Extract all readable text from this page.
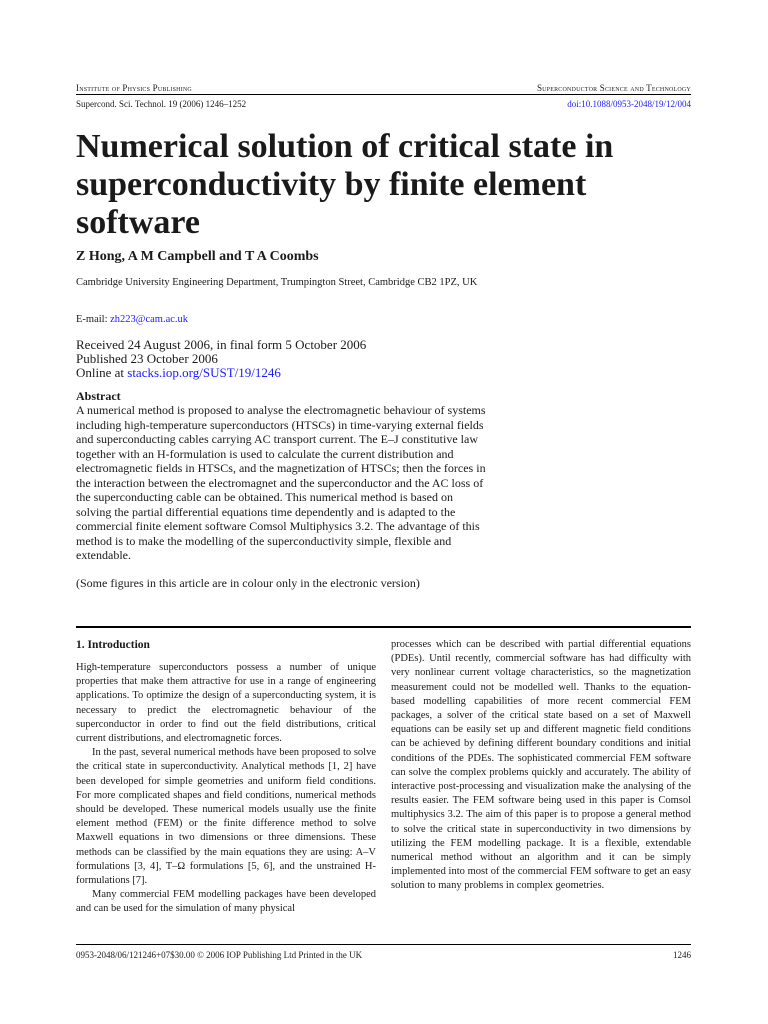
Institute of Physics Publishing	Superconductor Science and Technology
Supercond. Sci. Technol. 19 (2006) 1246–1252	doi:10.1088/0953-2048/19/12/004
Numerical solution of critical state in superconductivity by finite element software
Z Hong, A M Campbell and T A Coombs
Cambridge University Engineering Department, Trumpington Street, Cambridge CB2 1PZ, UK
E-mail: zh223@cam.ac.uk
Received 24 August 2006, in final form 5 October 2006
Published 23 October 2006
Online at stacks.iop.org/SUST/19/1246
Abstract
A numerical method is proposed to analyse the electromagnetic behaviour of systems including high-temperature superconductors (HTSCs) in time-varying external fields and superconducting cables carrying AC transport current. The E–J constitutive law together with an H-formulation is used to calculate the current distribution and electromagnetic fields in HTSCs, and the magnetization of HTSCs; then the forces in the interaction between the electromagnet and the superconductor and the AC loss of the superconducting cable can be obtained. This numerical method is based on solving the partial differential equations time dependently and is adapted to the commercial finite element software Comsol Multiphysics 3.2. The advantage of this method is to make the modelling of the superconductivity simple, flexible and extendable.
(Some figures in this article are in colour only in the electronic version)
1. Introduction

High-temperature superconductors possess a number of unique properties that make them attractive for use in a range of engineering applications. To optimize the design of a superconducting system, it is necessary to predict the electromagnetic behaviour of the superconductor in order to find out the field distributions, critical current distributions, and electromagnetic forces.

In the past, several numerical methods have been proposed to solve the critical state in superconductivity. Analytical methods [1, 2] have been developed for simple geometries and uniform field conditions. For more complicated shapes and field conditions, numerical methods should be developed. These numerical models usually use the finite element method (FEM) or the finite difference method to solve Maxwell equations in two dimensions or three dimensions. These methods can be classified by the main equations they are using: A–V formulations [3, 4], T–Ω formulations [5, 6], and the unstrained H-formulations [7].

Many commercial FEM modelling packages have been developed and can be used for the simulation of many physical

processes which can be described with partial differential equations (PDEs). Until recently, commercial software has had difficulty with very nonlinear current voltage characteristics, so the magnetization measurement could not be modelled well. Thanks to the equation-based modelling capabilities of more recent commercial FEM packages, a solver of the critical state based on a set of Maxwell equations can be easily set up and different magnetic field conditions can be achieved by defining different boundary conditions and initial conditions of the PDEs. The sophisticated commercial FEM software can solve the complex problems quickly and accurately. The ability of interactive post-processing and visualization make the analysing of the results easier. The FEM software being used in this paper is Comsol multiphysics 3.2. The aim of this paper is to propose a general method to solve the critical state in superconductivity in two dimensions by utilizing the FEM modelling package. It is a flexible, extendable numerical method without an algorithm and it can be simply implemented into most of the commercial FEM software to get an easy solution to many problems in complex geometries.

0953-2048/06/121246+07$30.00 © 2006 IOP Publishing Ltd Printed in the UK	1246
